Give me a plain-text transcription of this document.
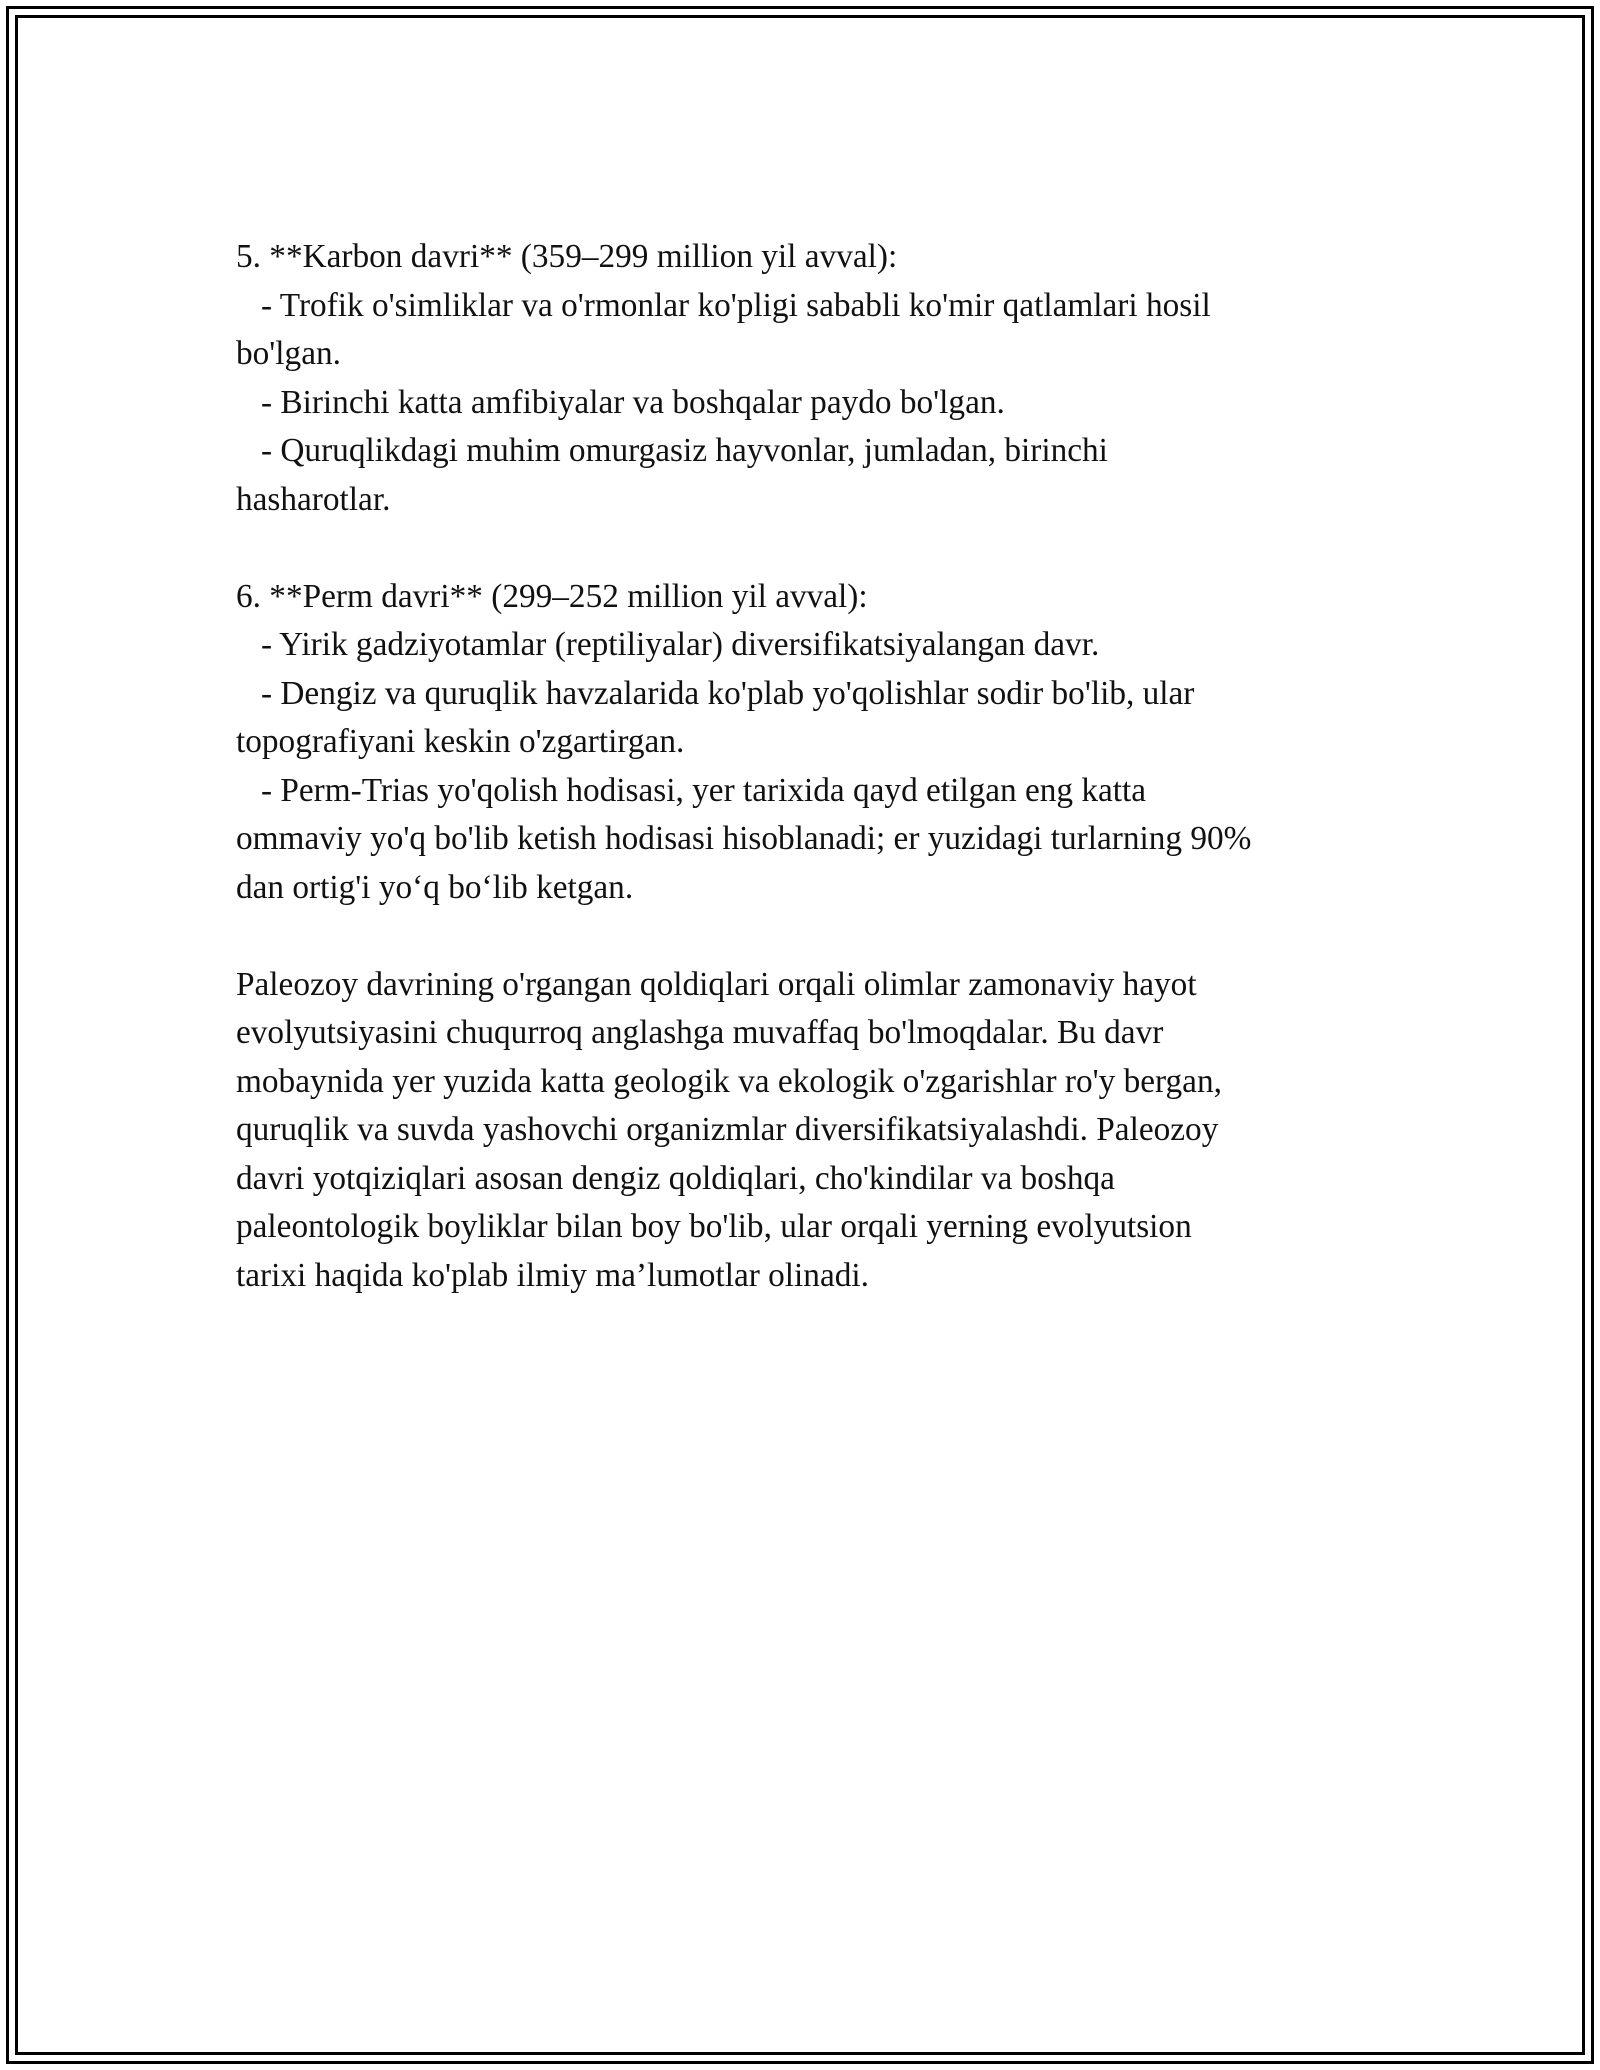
5. **Karbon davri** (359–299 million yil avval):
- Trofik o'simliklar va o'rmonlar ko'pligi sababli ko'mir qatlamlari hosil
bo'lgan.
- Birinchi katta amfibiyalar va boshqalar paydo bo'lgan.
- Quruqlikdagi muhim omurgasiz hayvonlar, jumladan, birinchi
hasharotlar.
6. **Perm davri** (299–252 million yil avval):
- Yirik gadziyotamlar (reptiliyalar) diversifikatsiyalangan davr.
- Dengiz va quruqlik havzalarida ko'plab yo'qolishlar sodir bo'lib, ular
topografiyani keskin o'zgartirgan.
- Perm-Trias yo'qolish hodisasi, yer tarixida qayd etilgan eng katta
ommaviy yo'q bo'lib ketish hodisasi hisoblanadi; er yuzidagi turlarning 90%
dan ortig'i yo‘q bo‘lib ketgan.
Paleozoy davrining o'rgangan qoldiqlari orqali olimlar zamonaviy hayot
evolyutsiyasini chuqurroq anglashga muvaffaq bo'lmoqdalar. Bu davr
mobaynida yer yuzida katta geologik va ekologik o'zgarishlar ro'y bergan,
quruqlik va suvda yashovchi organizmlar diversifikatsiyalashdi. Paleozoy
davri yotqiziqlari asosan dengiz qoldiqlari, cho'kindilar va boshqa
paleontologik boyliklar bilan boy bo'lib, ular orqali yerning evolyutsion
tarixi haqida ko'plab ilmiy ma’lumotlar olinadi.
